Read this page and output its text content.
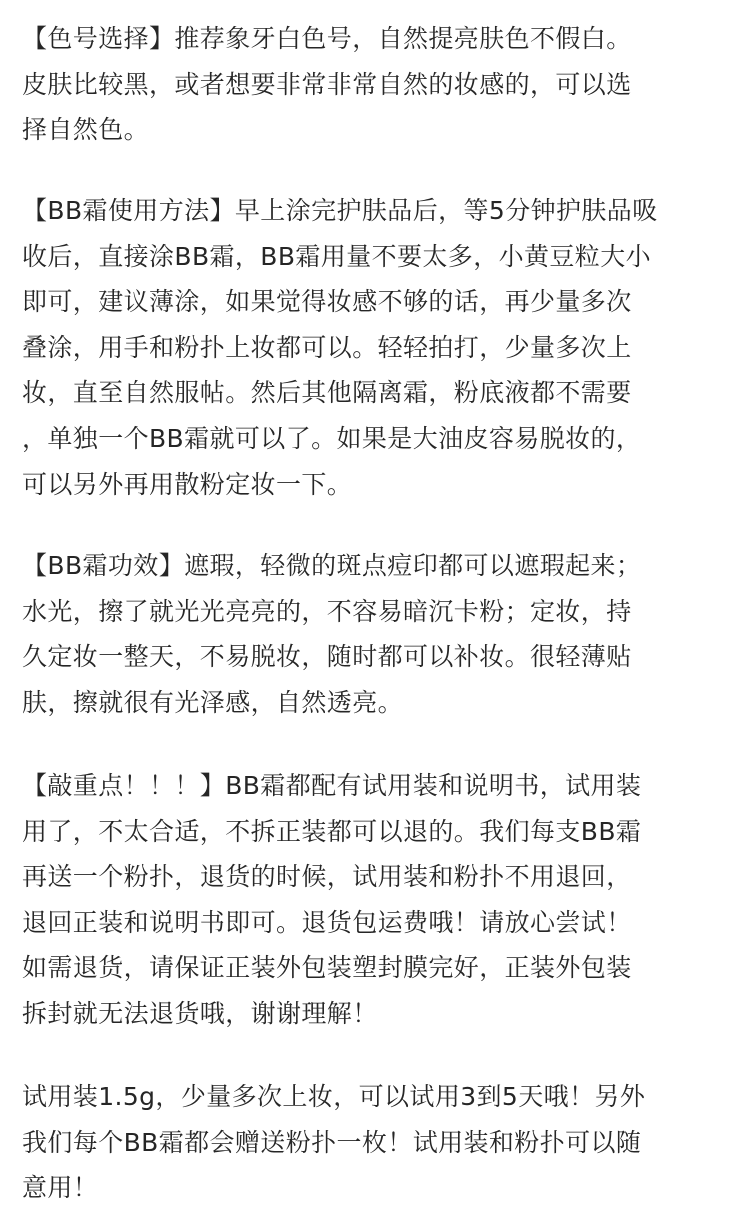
【色号选择】推荐象牙白色号，自然提亮肤色不假白。
皮肤比较黑，或者想要非常非常自然的妆感的，可以选
择自然色。

【BB霜使用方法】早上涂完护肤品后，等5分钟护肤品吸
收后，直接涂BB霜，BB霜用量不要太多，小黄豆粒大小
即可，建议薄涂，如果觉得妆感不够的话，再少量多次
叠涂，用手和粉扑上妆都可以。轻轻拍打，少量多次上
妆，直至自然服帖。然后其他隔离霜，粉底液都不需要
，单独一个BB霜就可以了。如果是大油皮容易脱妆的，
可以另外再用散粉定妆一下。

【BB霜功效】遮瑕，轻微的斑点痘印都可以遮瑕起来；
水光，擦了就光光亮亮的，不容易暗沉卡粉；定妆，持
久定妆一整天，不易脱妆，随时都可以补妆。很轻薄贴
肤，擦就很有光泽感，自然透亮。

【敲重点！！！】BB霜都配有试用装和说明书，试用装
用了，不太合适，不拆正装都可以退的。我们每支BB霜
再送一个粉扑，退货的时候，试用装和粉扑不用退回，
退回正装和说明书即可。退货包运费哦！请放心尝试！
如需退货，请保证正装外包装塑封膜完好，正装外包装
拆封就无法退货哦，谢谢理解！

试用装1.5g，少量多次上妆，可以试用3到5天哦！另外
我们每个BB霜都会赠送粉扑一枚！试用装和粉扑可以随
意用！
